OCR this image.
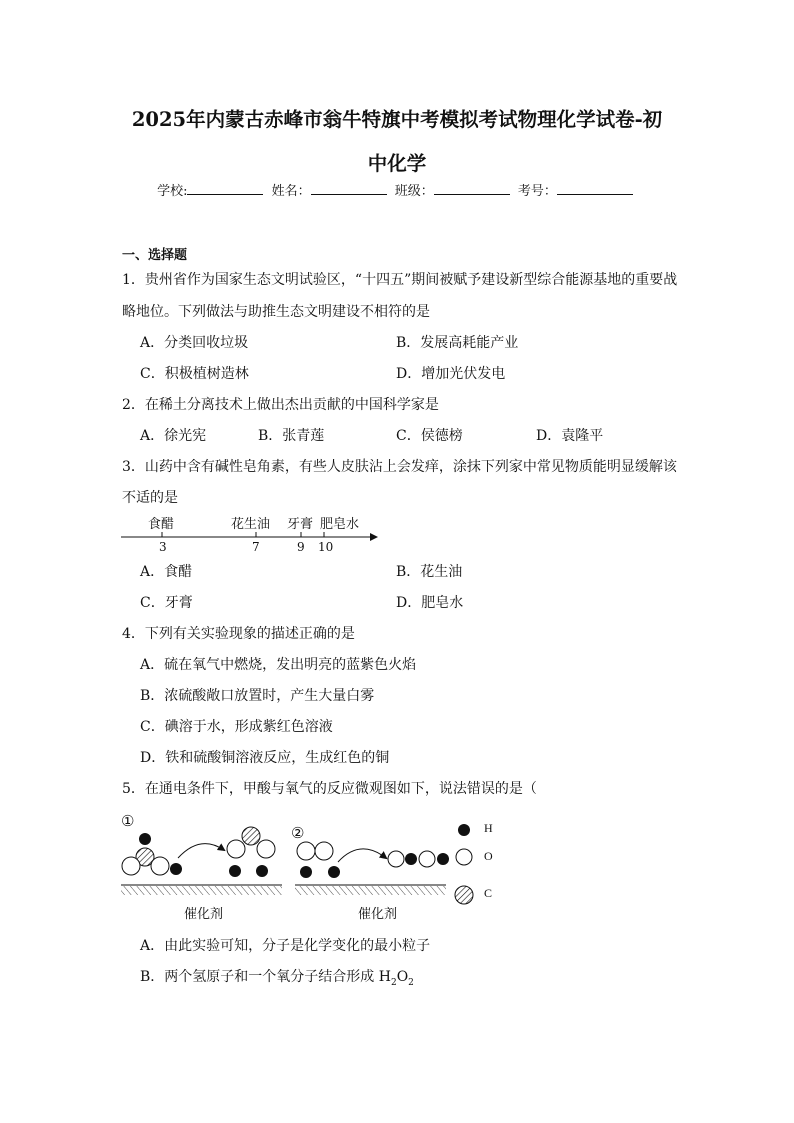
2025年内蒙古赤峰市翁牛特旗中考模拟考试物理化学试卷-初
中化学
学校:	姓名：	班级：	考号：
一、选择题
1．贵州省作为国家生态文明试验区，“十四五”期间被赋予建设新型综合能源基地的重要战
略地位。下列做法与助推生态文明建设不相符的是
A．分类回收垃圾	B．发展高耗能产业
C．积极植树造林	D．增加光伏发电
2．在稀土分离技术上做出杰出贡献的中国科学家是
A．徐光宪	B．张青莲	C．侯德榜	D．袁隆平
3．山药中含有碱性皂角素，有些人皮肤沾上会发痒，涂抹下列家中常见物质能明显缓解该
不适的是
食醋	花生油 牙膏 肥皂水
3	7	9 10
A．食醋	B．花生油
C．牙膏	D．肥皂水
4．下列有关实验现象的描述正确的是
A．硫在氧气中燃烧，发出明亮的蓝紫色火焰
B．浓硫酸敞口放置时，产生大量白雾
C．碘溶于水，形成紫红色溶液
D．铁和硫酸铜溶液反应，生成红色的铜
5．在通电条件下，甲酸与氧气的反应微观图如下，说法错误的是（
①
②
催化剂	催化剂
H
O
C
A．由此实验可知，分子是化学变化的最小粒子
B．两个氢原子和一个氧分子结合形成 $H_2O_2$
